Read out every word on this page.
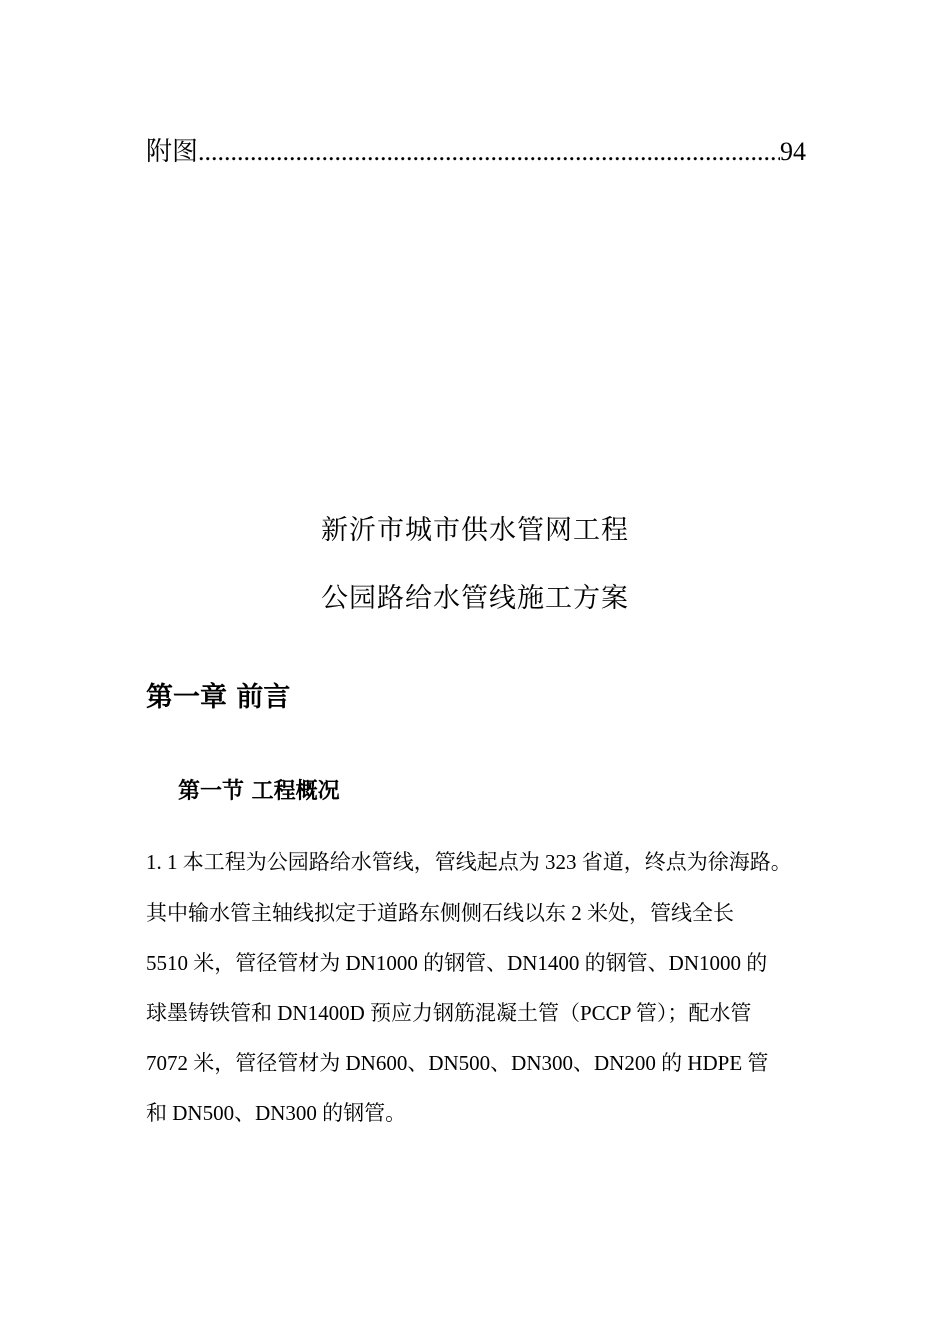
附图
.....	94
新沂市城市供水管网工程
公园路给水管线施工方案
第一章 前言
第一节 工程概况
1. 1 本工程为公园路给水管线，管线起点为 323 省道，终点为徐海路。
其中输水管主轴线拟定于道路东侧侧石线以东 2 米处，管线全长
5510 米，管径管材为 DN1000 的钢管、DN1400 的钢管、DN1000 的
球墨铸铁管和 DN1400D 预应力钢筋混凝土管（PCCP 管）；配水管
7072 米，管径管材为 DN600、DN500、DN300、DN200 的 HDPE 管
和 DN500、DN300 的钢管。
